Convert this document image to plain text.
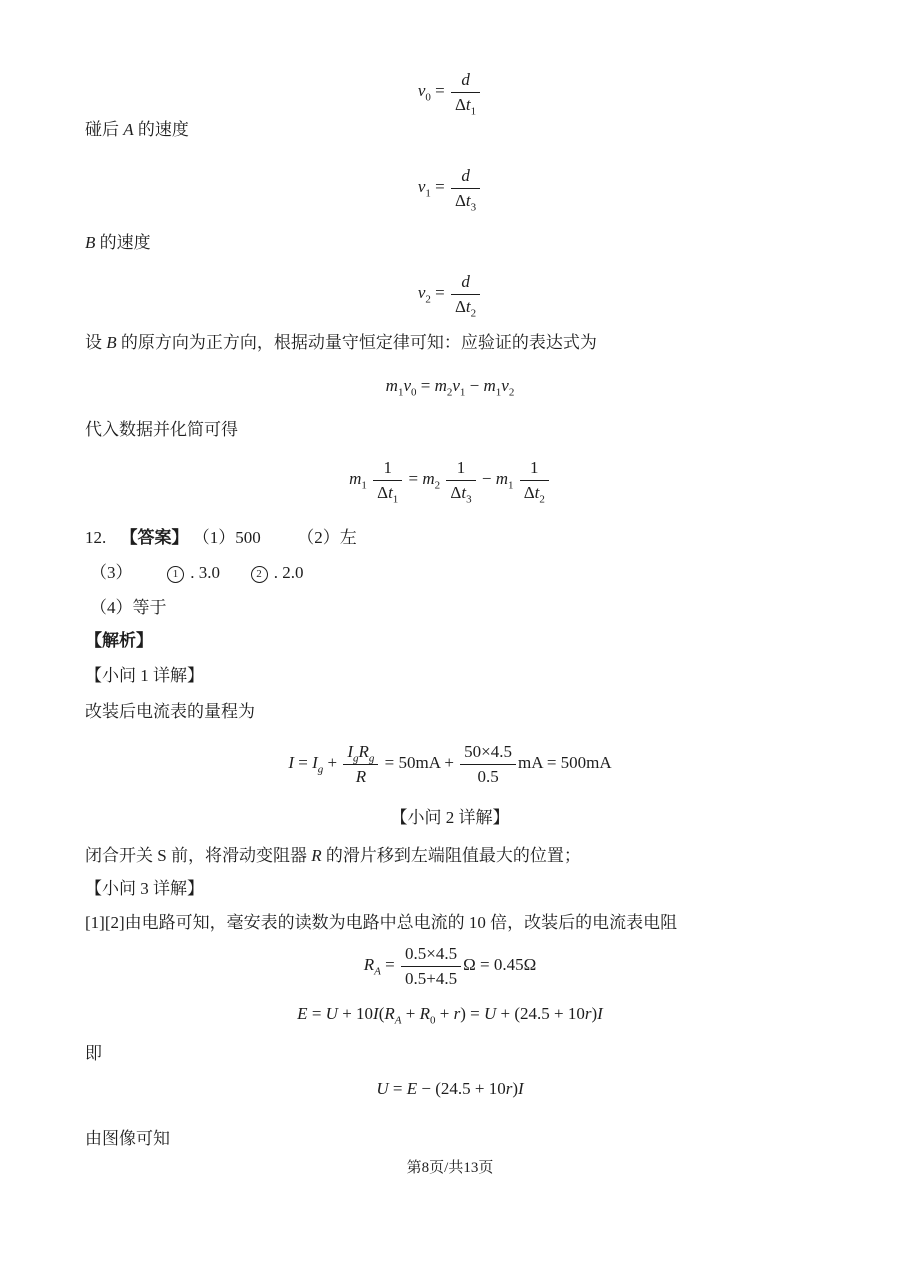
$v_0 = \frac{d}{\Delta t_1}$
碰后 A 的速度
$v_1 = \frac{d}{\Delta t_3}$
B 的速度
$v_2 = \frac{d}{\Delta t_2}$
设 B 的原方向为正方向，根据动量守恒定律可知：应验证的表达式为
$m_1v_0 = m_2v_1 - m_1v_2$
代入数据并化简可得
$m_1 \frac{1}{\Delta t_1} = m_2 \frac{1}{\Delta t_3} - m_1 \frac{1}{\Delta t_2}$
12. 【答案】 （1）500 （2）左
（3）	1 . 3.0	2 . 2.0
（4）等于
【解析】
【小问 1 详解】
改装后电流表的量程为
$I = I_g + \frac{I_gR_g}{R} = 50mA + \frac{50\times 4.5}{0.5}$ mA = 500mA
【小问 2 详解】
闭合开关 S 前，将滑动变阻器 R 的滑片移到左端阻值最大的位置；
【小问 3 详解】
[1][2]由电路可知，毫安表的读数为电路中总电流的 10 倍，改装后的电流表电阻
$R_A = \frac{0.5\times 4.5}{0.5+4.5}$ Ω = 0.45Ω
$E = U + 10I(R_A + R_0 + r) = U + (24.5 + 10r)I$
即
U = E − (24.5 + 10r)I
由图像可知
第8页/共13页
